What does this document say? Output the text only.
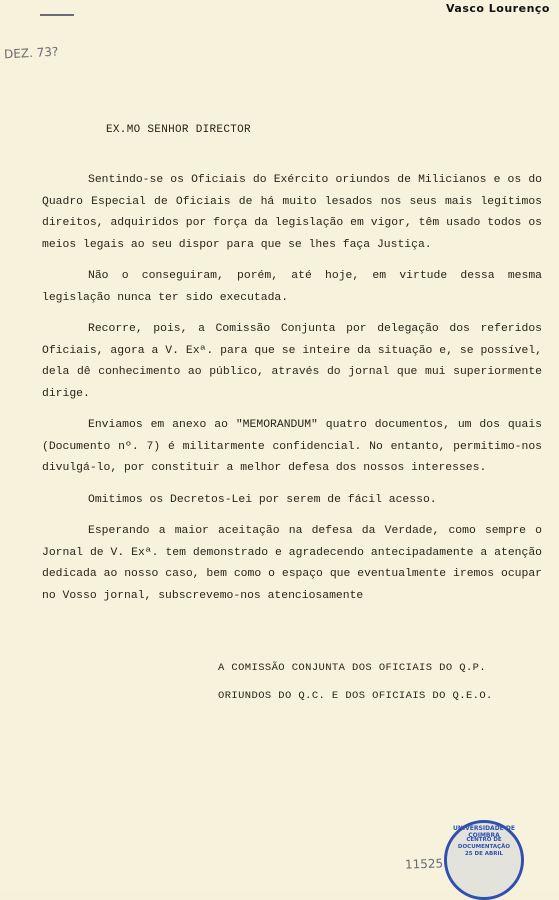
Vasco Lourenço
DEZ. 73?
EX.MO SENHOR DIRECTOR

Sentindo-se os Oficiais do Exército oriundos de Milicianos e os do Quadro Especial de Oficiais de há muito lesados nos seus mais legítimos direitos, adquiridos por força da legislação em vigor, têm usado todos os meios legais ao seu dispor para que se lhes faça Justiça.

Não o conseguiram, porém, até hoje, em virtude dessa mesma legislação nunca ter sido executada.

Recorre, pois, a Comissão Conjunta por delegação dos referidos Oficiais, agora a V. Exª. para que se inteire da situação e, se possível, dela dê conhecimento ao público, através do jornal que mui superiormente dirige.

Enviamos em anexo ao "MEMORANDUM" quatro documentos, um dos quais (Documento nº. 7) é militarmente confidencial. No entanto, permitimo-nos divulgá-lo, por constituir a melhor defesa dos nossos interesses.

Omitimos os Decretos-Lei por serem de fácil acesso.

Esperando a maior aceitação na defesa da Verdade, como sempre o Jornal de V. Exª. tem demonstrado e agradecendo antecipadamente a atenção dedicada ao nosso caso, bem como o espaço que eventualmente iremos ocupar no Vosso jornal, subscrevemo-nos atenciosamente

A COMISSÃO CONJUNTA DOS OFICIAIS DO Q.P.
ORIUNDOS DO Q.C. E DOS OFICIAIS DO Q.E.O.
11525
UNIVERSIDADE DE COIMBRA
CENTRO DE
DOCUMENTAÇÃO
25 DE ABRIL
